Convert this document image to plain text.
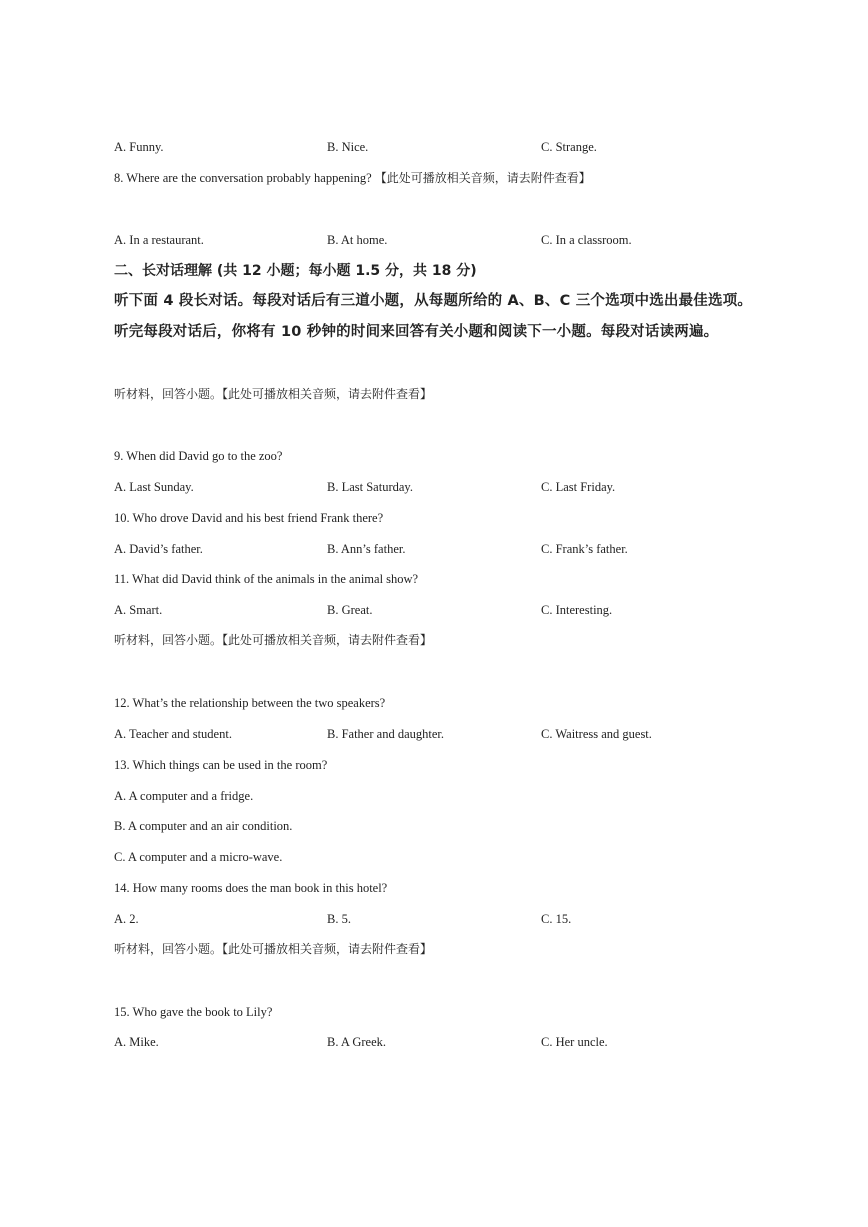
A. Funny.	B. Nice.	C. Strange.
8. Where are the conversation probably happening? 【此处可播放相关音频，请去附件查看】
A. In a restaurant.	B. At home.	C. In a classroom.
二、长对话理解 (共 12 小题；每小题 1.5 分，共 18 分)
听下面 4 段长对话。每段对话后有三道小题，从每题所给的 A、B、C 三个选项中选出最佳选项。听完每段对话后，你将有 10 秒钟的时间来回答有关小题和阅读下一小题。每段对话读两遍。
听材料，回答小题。【此处可播放相关音频，请去附件查看】
9. When did David go to the zoo?
A. Last Sunday.	B. Last Saturday.	C. Last Friday.
10. Who drove David and his best friend Frank there?
A. David’s father.	B. Ann’s father.	C. Frank’s father.
11. What did David think of the animals in the animal show?
A. Smart.	B. Great.	C. Interesting.
听材料，回答小题。【此处可播放相关音频，请去附件查看】
12. What’s the relationship between the two speakers?
A. Teacher and student.	B. Father and daughter.	C. Waitress and guest.
13. Which things can be used in the room?
A. A computer and a fridge.
B. A computer and an air condition.
C. A computer and a micro-wave.
14. How many rooms does the man book in this hotel?
A. 2.	B. 5.	C. 15.
听材料，回答小题。【此处可播放相关音频，请去附件查看】
15. Who gave the book to Lily?
A. Mike.	B. A Greek.	C. Her uncle.
